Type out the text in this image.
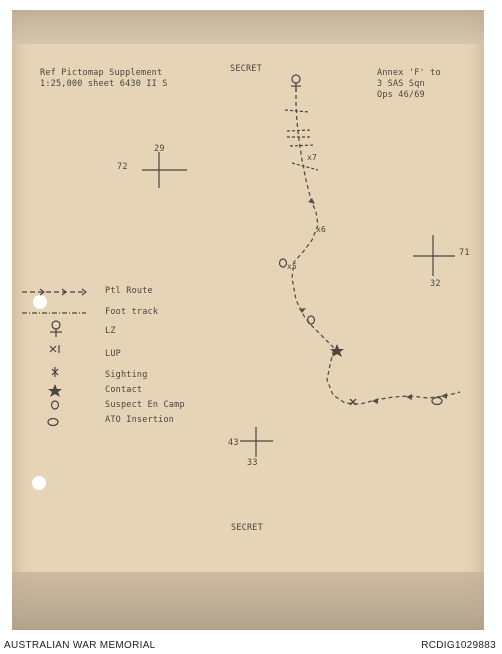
Ref Pictomap Supplement
1:25,000 sheet 6430 II S
SECRET	Annex 'F' to
3 SAS Sqn
Ops 46/69
SECRET
29
72
71
32
43
33
x7
x6
x5
Ptl Route
Foot track
LZ
LUP
Sighting
Contact
Suspect En Camp
ATO Insertion
AUSTRALIAN WAR MEMORIAL	RCDIG1029883
